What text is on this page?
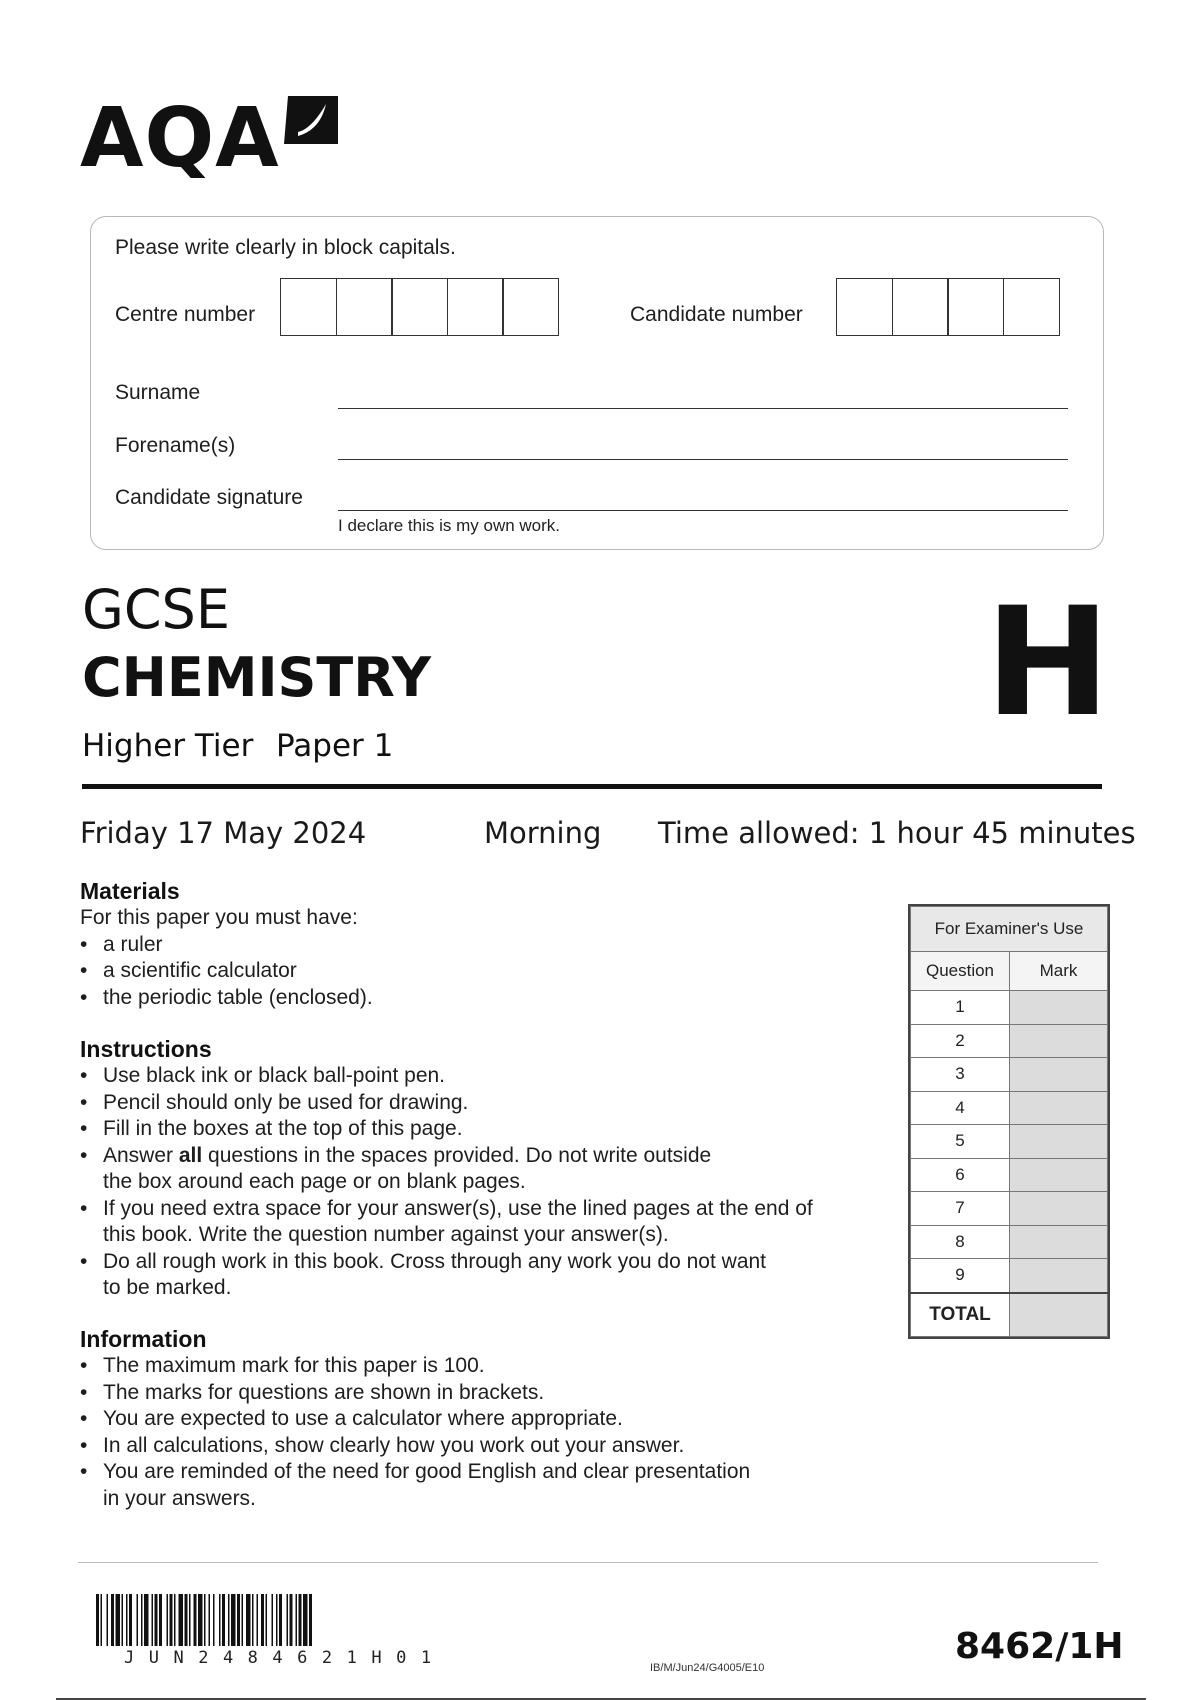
AQA
Please write clearly in block capitals.
Centre number	Candidate number
Surname
Forename(s)
Candidate signature
I declare this is my own work.
GCSE
CHEMISTRY
Higher Tier Paper 1	H
Friday 17 May 2024	Morning Time allowed: 1 hour 45 minutes
Materials
For this paper you must have:
• a ruler
• a scientific calculator
• the periodic table (enclosed).
Instructions
• Use black ink or black ball-point pen.
• Pencil should only be used for drawing.
• Fill in the boxes at the top of this page.
• Answer all questions in the spaces provided. Do not write outside
the box around each page or on blank pages.
• If you need extra space for your answer(s), use the lined pages at the end of
this book. Write the question number against your answer(s).
• Do all rough work in this book. Cross through any work you do not want
to be marked.
Information
• The maximum mark for this paper is 100.
• The marks for questions are shown in brackets.
• You are expected to use a calculator where appropriate.
• In all calculations, show clearly how you work out your answer.
• You are reminded of the need for good English and clear presentation
in your answers.
For Examiner's Use	
Question	Mark
1	
2	
3	
4	
5	
6	
7	
8	
9	
TOTAL	
JUN2484621H01	IB/M/Jun24/G4005/E10
8462/1H
